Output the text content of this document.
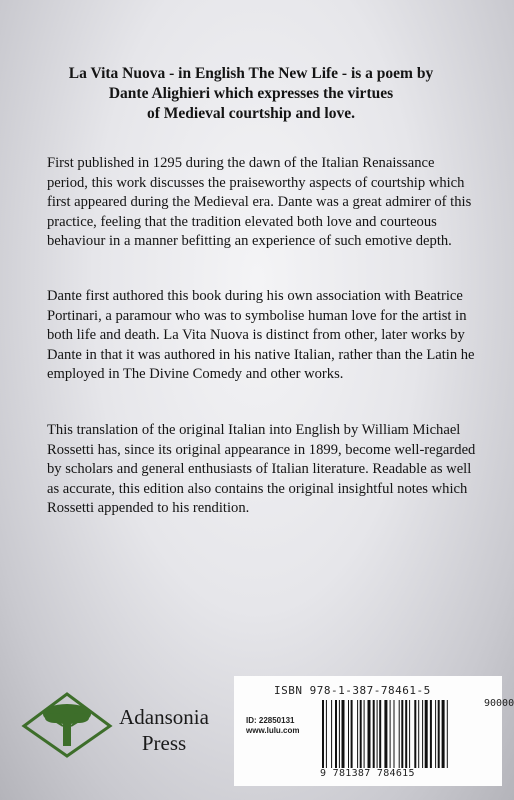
La Vita Nuova - in English The New Life - is a poem by
Dante Alighieri which expresses the virtues
of Medieval courtship and love.

First published in 1295 during the dawn of the Italian Renaissance period, this work discusses the praiseworthy aspects of courtship which first appeared during the Medieval era. Dante was a great admirer of this practice, feeling that the tradition elevated both love and courteous behaviour in a manner befitting an experience of such emotive depth.

Dante first authored this book during his own association with Beatrice Portinari, a paramour who was to symbolise human love for the artist in both life and death. La Vita Nuova is distinct from other, later works by Dante in that it was authored in his native Italian, rather than the Latin he employed in The Divine Comedy and other works.

This translation of the original Italian into English by William Michael Rossetti has, since its original appearance in 1899, become well-regarded by scholars and general enthusiasts of Italian literature. Readable as well as accurate, this edition also contains the original insightful notes which Rossetti appended to his rendition.

Adansonia
Press
ISBN 978-1-387-78461-5
ID: 22850131
www.lulu.com
90000
9 781387 784615
